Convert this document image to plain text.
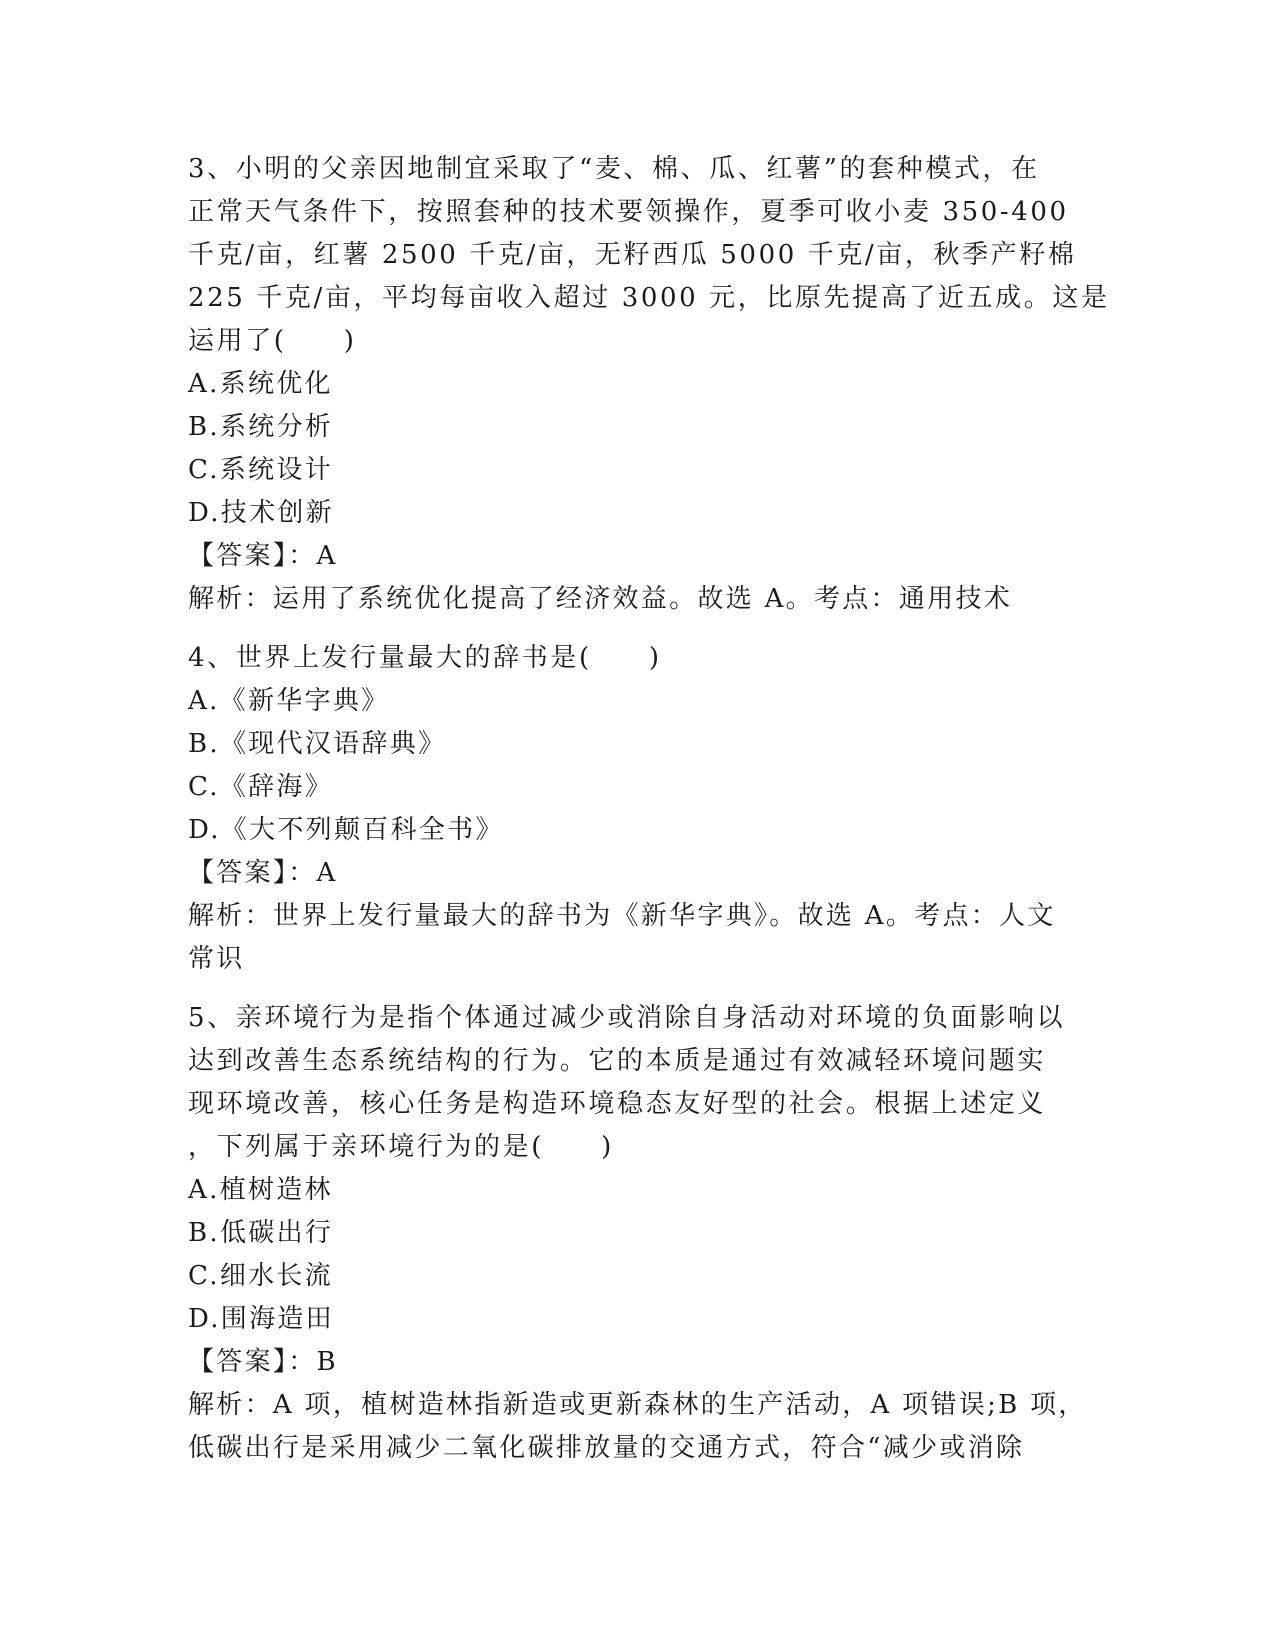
3、小明的父亲因地制宜采取了“麦、棉、瓜、红薯”的套种模式，在
正常天气条件下，按照套种的技术要领操作，夏季可收小麦 350-400
千克/亩，红薯 2500 千克/亩，无籽西瓜 5000 千克/亩，秋季产籽棉
225 千克/亩，平均每亩收入超过 3000 元，比原先提高了近五成。这是
运用了(　　)
A.系统优化
B.系统分析
C.系统设计
D.技术创新
【答案】：A
解析：运用了系统优化提高了经济效益。故选 A。考点：通用技术
4、世界上发行量最大的辞书是(　　)
A.《新华字典》
B.《现代汉语辞典》
C.《辞海》
D.《大不列颠百科全书》
【答案】：A
解析：世界上发行量最大的辞书为《新华字典》。故选 A。考点：人文
常识
5、亲环境行为是指个体通过减少或消除自身活动对环境的负面影响以
达到改善生态系统结构的行为。它的本质是通过有效减轻环境问题实
现环境改善，核心任务是构造环境稳态友好型的社会。根据上述定义
，下列属于亲环境行为的是(　　)
A.植树造林
B.低碳出行
C.细水长流
D.围海造田
【答案】：B
解析：A 项，植树造林指新造或更新森林的生产活动，A 项错误;B 项，
低碳出行是采用减少二氧化碳排放量的交通方式，符合“减少或消除
